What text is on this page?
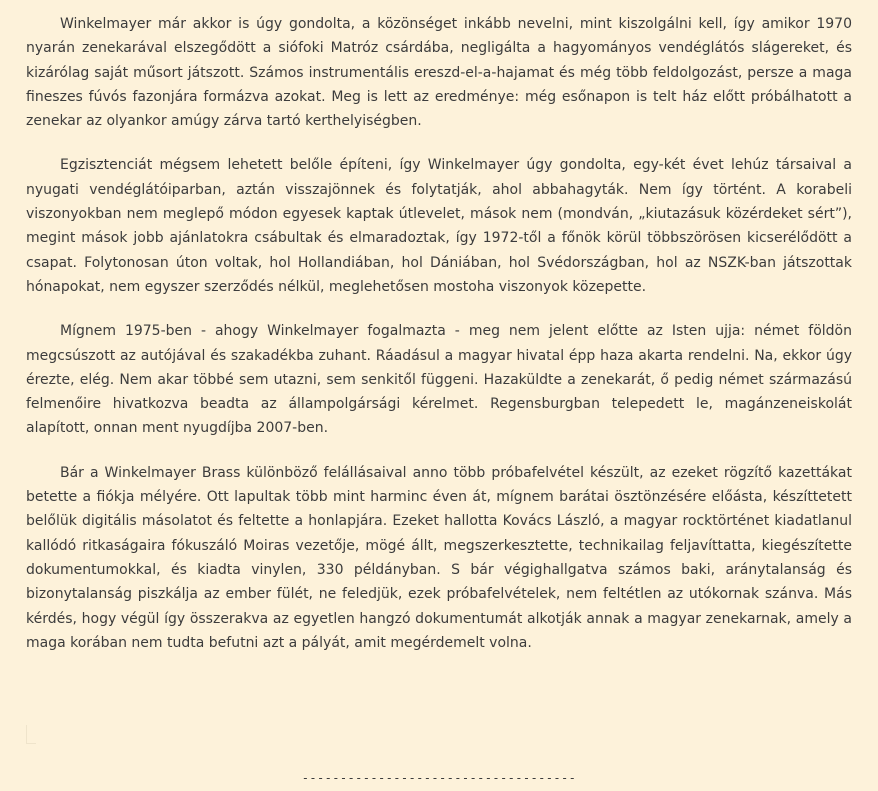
Winkelmayer már akkor is úgy gondolta, a közönséget inkább nevelni, mint kiszolgálni kell, így amikor 1970 nyarán zenekarával elszegődött a siófoki Matróz csárdába, negligálta a hagyományos vendéglátós slágereket, és kizárólag saját műsort játszott. Számos instrumentális ereszd-el-a-hajamat és még több feldolgozást, persze a maga fineszes fúvós fazonjára formázva azokat. Meg is lett az eredménye: még esőnapon is telt ház előtt próbálhatott a zenekar az olyankor amúgy zárva tartó kerthelyiségben.

Egzisztenciát mégsem lehetett belőle építeni, így Winkelmayer úgy gondolta, egy-két évet lehúz társaival a nyugati vendéglátóiparban, aztán visszajönnek és folytatják, ahol abbahagyták. Nem így történt. A korabeli viszonyokban nem meglepő módon egyesek kaptak útlevelet, mások nem (mondván, „kiutazásuk közérdeket sért”), megint mások jobb ajánlatokra csábultak és elmaradoztak, így 1972-től a főnök körül többszörösen kicserélődött a csapat. Folytonosan úton voltak, hol Hollandiában, hol Dániában, hol Svédországban, hol az NSZK-ban játszottak hónapokat, nem egyszer szerződés nélkül, meglehetősen mostoha viszonyok közepette.

Mígnem 1975-ben - ahogy Winkelmayer fogalmazta - meg nem jelent előtte az Isten ujja: német földön megcsúszott az autójával és szakadékba zuhant. Ráadásul a magyar hivatal épp haza akarta rendelni. Na, ekkor úgy érezte, elég. Nem akar többé sem utazni, sem senkitől függeni. Hazaküldte a zenekarát, ő pedig német származású felmenőire hivatkozva beadta az állampolgársági kérelmet. Regensburgban telepedett le, magánzeneiskolát alapított, onnan ment nyugdíjba 2007-ben.

Bár a Winkelmayer Brass különböző felállásaival anno több próbafelvétel készült, az ezeket rögzítő kazettákat betette a fiókja mélyére. Ott lapultak több mint harminc éven át, mígnem barátai ösztönzésére előásta, készíttetett belőlük digitális másolatot és feltette a honlapjára. Ezeket hallotta Kovács László, a magyar rocktörténet kiadatlanul kallódó ritkaságaira fókuszáló Moiras vezetője, mögé állt, megszerkesztette, technikailag feljavíttatta, kiegészítette dokumentumokkal, és kiadta vinylen, 330 példányban. S bár végighallgatva számos baki, aránytalanság és bizonytalanság piszkálja az ember fülét, ne feledjük, ezek próbafelvételek, nem feltétlen az utókornak szánva. Más kérdés, hogy végül így összerakva az egyetlen hangzó dokumentumát alkotják annak a magyar zenekarnak, amely a maga korában nem tudta befutni azt a pályát, amit megérdemelt volna.

------------------------------------
